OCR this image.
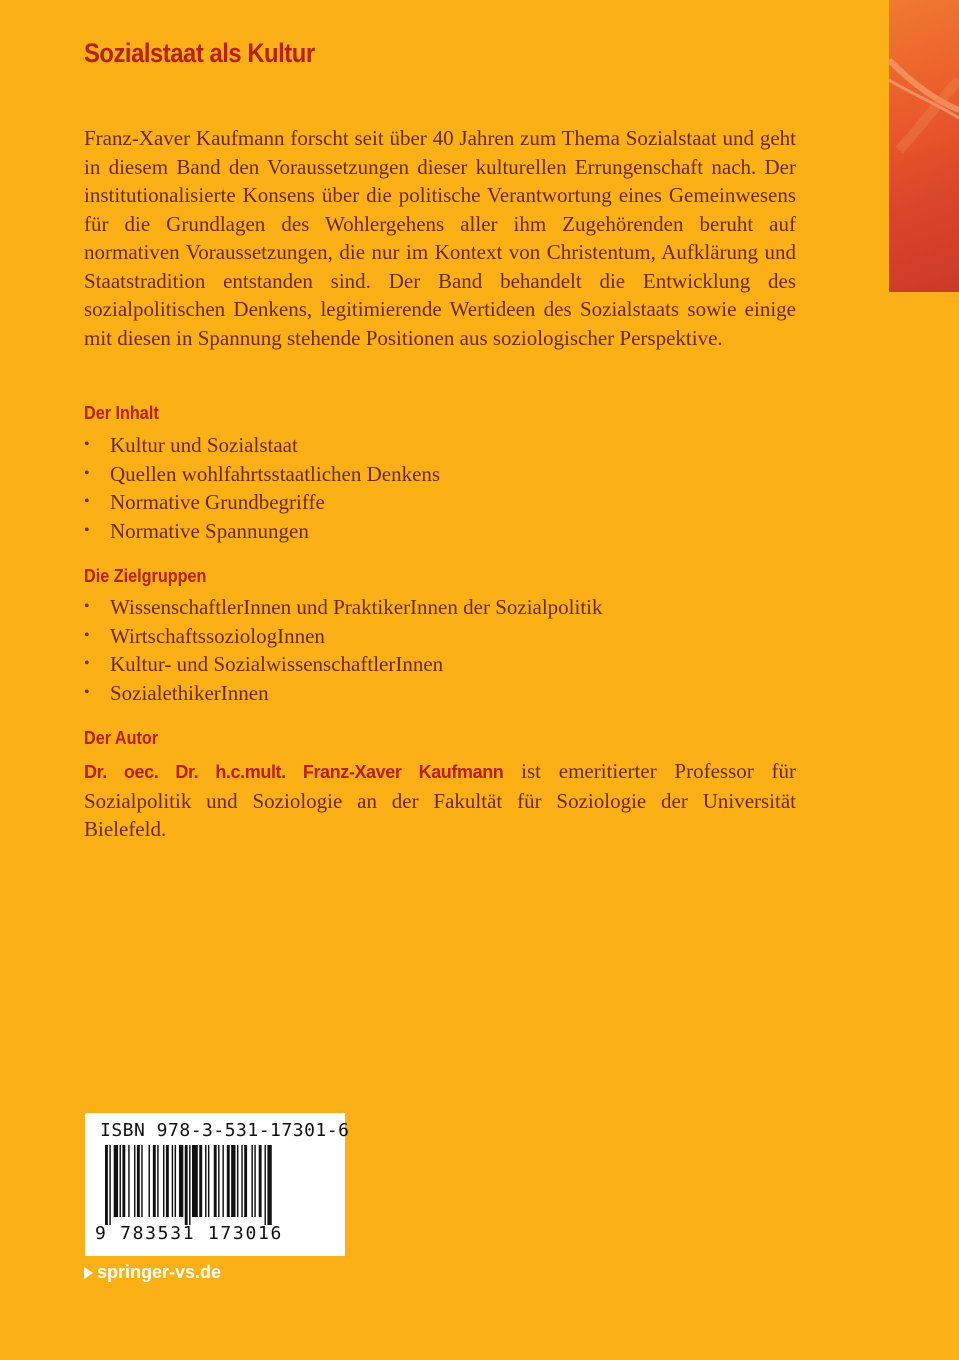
Sozialstaat als Kultur
Franz-Xaver Kaufmann forscht seit über 40 Jahren zum Thema Sozialstaat und geht in diesem Band den Voraussetzungen dieser kulturellen Errungenschaft nach. Der institutionalisierte Konsens über die politische Verantwortung eines Gemeinwesens für die Grundlagen des Wohlergehens aller ihm Zugehörenden beruht auf normativen Voraussetzungen, die nur im Kontext von Christentum, Aufklärung und Staatstradition entstanden sind. Der Band behandelt die Entwicklung des sozialpolitischen Denkens, legitimierende Wertideen des Sozialstaats sowie einige mit diesen in Spannung stehende Positionen aus soziologischer Perspektive.
Der Inhalt
• Kultur und Sozialstaat
• Quellen wohlfahrtsstaatlichen Denkens
• Normative Grundbegriffe
• Normative Spannungen
Die Zielgruppen
• WissenschaftlerInnen und PraktikerInnen der Sozialpolitik
• WirtschaftssoziologInnen
• Kultur- und SozialwissenschaftlerInnen
• SozialethikerInnen
Der Autor
Dr. oec. Dr. h.c.mult. Franz-Xaver Kaufmann ist emeritierter Professor für Sozialpolitik und Soziologie an der Fakultät für Soziologie der Universität Bielefeld.
ISBN 978-3-531-17301-6
9 783531 173016
springer-vs.de
